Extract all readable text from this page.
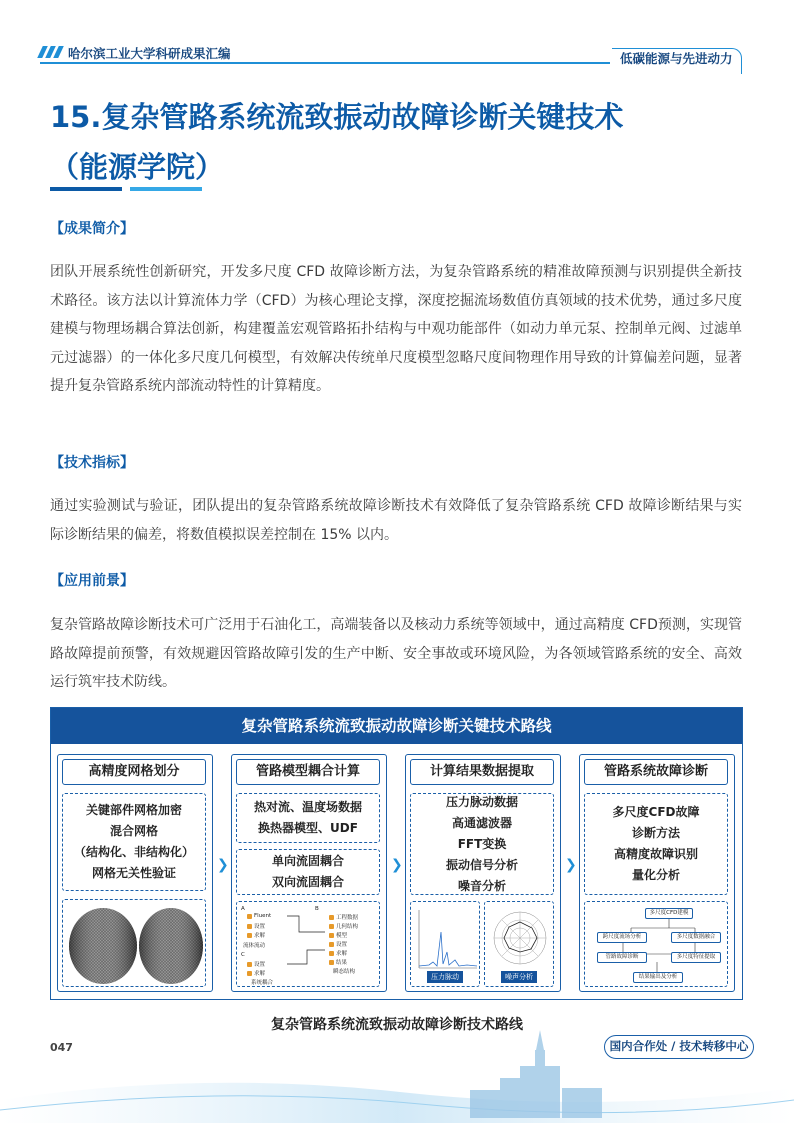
哈尔滨工业大学科研成果汇编	低碳能源与先进动力
15.复杂管路系统流致振动故障诊断关键技术
（能源学院）
【成果简介】
团队开展系统性创新研究，开发多尺度 CFD 故障诊断方法，为复杂管路系统的精准故障预测与识别提供全新技术路径。该方法以计算流体力学（CFD）为核心理论支撑，深度挖掘流场数值仿真领域的技术优势，通过多尺度建模与物理场耦合算法创新，构建覆盖宏观管路拓扑结构与中观功能部件（如动力单元泵、控制单元阀、过滤单元过滤器）的一体化多尺度几何模型，有效解决传统单尺度模型忽略尺度间物理作用导致的计算偏差问题，显著提升复杂管路系统内部流动特性的计算精度。
【技术指标】
通过实验测试与验证，团队提出的复杂管路系统故障诊断技术有效降低了复杂管路系统 CFD 故障诊断结果与实际诊断结果的偏差，将数值模拟误差控制在 15% 以内。
【应用前景】
复杂管路故障诊断技术可广泛用于石油化工，高端装备以及核动力系统等领域中，通过高精度 CFD预测，实现管路故障提前预警，有效规避因管路故障引发的生产中断、安全事故或环境风险，为各领域管路系统的安全、高效运行筑牢技术防线。
复杂管路系统流致振动故障诊断关键技术路线
高精度网格划分
关键部件网格加密
混合网格
（结构化、非结构化）
网格无关性验证	❯
管路模型耦合计算
热对流、温度场数据
换热器模型、UDF
单向流固耦合
双向流固耦合
A
Fluent
设置
求解
流体流动
C
设置
求解
系统耦合
B
工程数据
几何结构
模型
设置
求解
结果
瞬态结构
❯
计算结果数据提取
压力脉动数据
高通滤波器
FFT变换
振动信号分析
噪音分析
压力脉动	噪声分析
❯
管路系统故障诊断
多尺度CFD故障
诊断方法
高精度故障识别
量化分析
多尺度CFD建模
跨尺度流场分析	多尺度数据融合
管路故障诊断	多尺度特征提取
结果输出及分析
复杂管路系统流致振动故障诊断技术路线
047	国内合作处 / 技术转移中心
